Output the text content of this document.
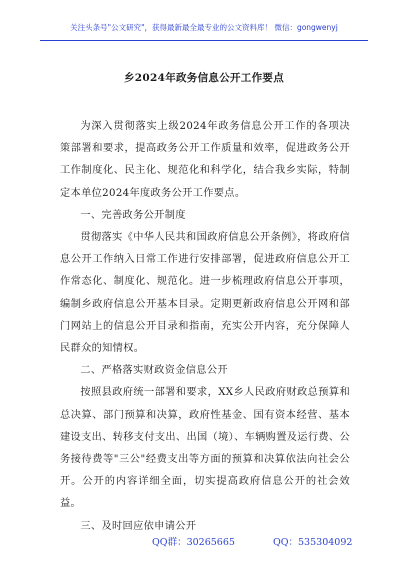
关注头条号"公文研究"，获得最新最全最专业的公文资料库！ 微信：gongwenyj
乡2024年政务信息公开工作要点

为深入贯彻落实上级2024年政务信息公开工作的各项决策部署和要求，提高政务公开工作质量和效率，促进政务公开工作制度化、民主化、规范化和科学化，结合我乡实际，特制定本单位2024年度政务公开工作要点。

一、完善政务公开制度

贯彻落实《中华人民共和国政府信息公开条例》，将政府信息公开工作纳入日常工作进行安排部署，促进政府信息公开工作常态化、制度化、规范化。进一步梳理政府信息公开事项，编制乡政府信息公开基本目录。定期更新政府信息公开网和部门网站上的信息公开目录和指南，充实公开内容，充分保障人民群众的知情权。

二、严格落实财政资金信息公开

按照县政府统一部署和要求，XX乡人民政府财政总预算和总决算、部门预算和决算，政府性基金、国有资本经营、基本建设支出、转移支付支出、出国（境）、车辆购置及运行费、公务接待费等"三公"经费支出等方面的预算和决算依法向社会公开。公开的内容详细全面，切实提高政府信息公开的社会效益。

三、及时回应依申请公开

QQ群：30265665	QQ：535304092
